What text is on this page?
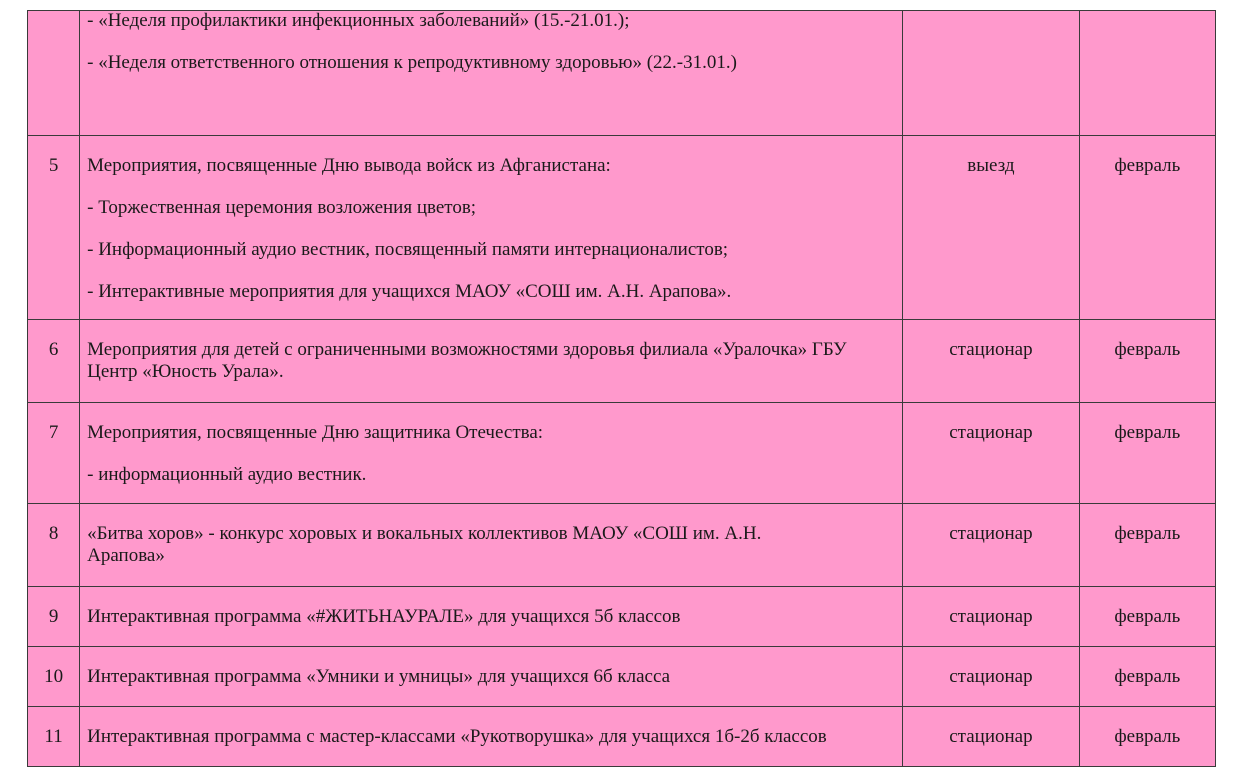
	- «Неделя профилактики инфекционных заболеваний» (15.-21.01.);

- «Неделя ответственного отношения к репродуктивному здоровью» (22.-31.01.)		

5	Мероприятия, посвященные Дню вывода войск из Афганистана:

- Торжественная церемония возложения цветов;

- Информационный аудио вестник, посвященный памяти интернационалистов;

- Интерактивные мероприятия для учащихся МАОУ «СОШ им. А.Н. Арапова».	выезд	февраль

6	Мероприятия для детей с ограниченными возможностями здоровья филиала «Уралочка» ГБУ Центр «Юность Урала».	стационар	февраль

7	Мероприятия, посвященные Дню защитника Отечества:

- информационный аудио вестник.	стационар	февраль

8	«Битва хоров» - конкурс хоровых и вокальных коллективов МАОУ «СОШ им. А.Н. Арапова»	стационар	февраль

9	Интерактивная программа «#ЖИТЬНАУРАЛЕ» для учащихся 5б классов	стационар	февраль

10	Интерактивная программа «Умники и умницы» для учащихся 6б класса	стационар	февраль

11	Интерактивная программа с мастер-классами «Рукотворушка» для учащихся 1б-2б классов	стационар	февраль
